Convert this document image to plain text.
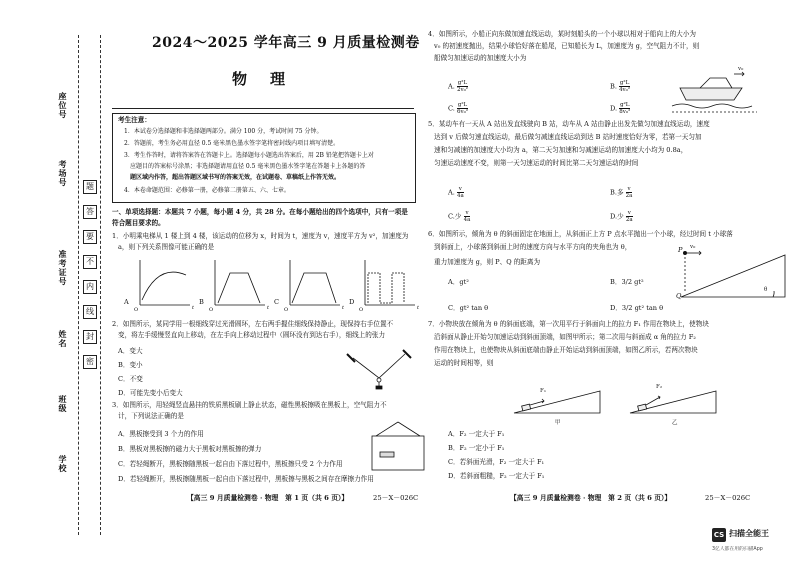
座位号
考场号
准考证号
姓名
班级
学校
题
答
要
不
内
线
封
密
2024～2025 学年高三 9 月质量检测卷
物　理
考生注意：
1．本试卷分选择题和非选择题两部分。满分 100 分，考试时间 75 分钟。
2．答题前，考生务必用直径 0.5 毫米黑色墨水签字笔将密封线内项目填写清楚。
3．考生作答时，请将答案答在答题卡上。选择题每小题选出答案后，用 2B 铅笔把答题卡上对
　应题目的答案标号涂黑；非选择题请用直径 0.5 毫米黑色墨水签字笔在答题卡上各题的答
　题区域内作答，超出答题区域书写的答案无效，在试题卷、草稿纸上作答无效。
4．本卷命题范围：必修第一册，必修第二册第五、六、七章。
一、单项选择题：本题共 7 小题，每小题 4 分，共 28 分。在每小题给出的四个选项中，只有一项是
符合题目要求的。
1．小明乘电梯从 1 楼上到 4 楼，该运动的位移为 x，时间为 t，速度为 v，速度平方为 v²，加速度为
a，则下列关系图像可能正确的是
O	t	O	t	O	t	O	t
A	B	C	D
2．如图所示，某同学用一根细线穿过光滑圆环，左右两手握住细线保持静止，现保持右手位置不
变，将左手缓慢竖直向上移动，在左手向上移动过程中（圆环没有到达右手），细线上的张力
A．变大
B．变小
C．不变
D．可能先变小后变大
3．如图所示，用轻绳竖直悬挂的铁质黑板刷上静止状态，磁性黑板擦吸在黑板上，空气阻力不
计，下列说法正确的是
A．黑板擦受到 3 个力的作用
B．黑板对黑板擦的磁力大于黑板对黑板擦的弹力
C．若轻绳断开，黑板擦随黑板一起自由下落过程中，黑板擦只受 2 个力作用
D．若轻绳断开，黑板擦随黑板一起自由下落过程中，黑板擦与黑板之间存在摩擦力作用
【高三 9 月质量检测卷 · 物理　第 1 页（共 6 页）】	25－X－026C
4．如图所示，小船正向东做加速直线运动，某时刻船头的一个小球以相对于船向上的大小为
v₀ 的初速度抛出，结果小球恰好落在船尾，已知船长为 L，加速度为 g，空气阻力不计，则
船做匀加速运动的加速度大小为
A. $\frac{\text{g²L}}{\text{2v₀²}}$	B. $\frac{\text{g²L}}{\text{4v₀²}}$
C. $\frac{\text{g²L}}{\text{6v₀²}}$	D. $\frac{\text{g²L}}{\text{8v₀²}}$
v₀
5．某动车有一天从 A 站出发直线驶向 B 站，动车从 A 站由静止出发先做匀加速直线运动，速度
达到 v 后做匀速直线运动，最后做匀减速直线运动到达 B 站时速度恰好为零，若第一天匀加
速和匀减速的加速度大小均为 a，第二天匀加速和匀减速运动的加速度大小均为 0.8a，
匀速运动速度不变，则第一天匀速运动的时间比第二天匀速运动的时间
A. $\frac{v}{4a}$	B.多 $\frac{v}{2a}$
C.少 $\frac{v}{4a}$	D.少 $\frac{v}{2a}$
6．如图所示，倾角为 θ 的斜面固定在地面上，从斜面正上方 P 点水平抛出一个小球，经过时间 t 小球落
到斜面上，小球落到斜面上时的速度方向与水平方向的夹角也为 θ，
重力加速度为 g，则 P、Q 的距离为
A．gt²	B．3/2 gt²
C．gt² tan θ	D．3/2 gt² tan θ
P v₀
Q
θ
7．小物块放在倾角为 θ 的斜面底端，第一次用平行于斜面向上的拉力 F₁ 作用在物块上，使物块
沿斜面从静止开始匀加速运动到斜面顶端，如图甲所示；第二次用与斜面成 α 角的拉力 F₂
作用在物块上，也使物块从斜面底端由静止开始运动到斜面顶端，如图乙所示，若两次物块
运动的时间相等，则
F₁
F₂
甲	乙
A．F₂ 一定大于 F₁
B．F₂ 一定小于 F₁
C．若斜面光滑，F₂ 一定大于 F₁
D．若斜面粗糙，F₂ 一定大于 F₁
【高三 9 月质量检测卷 · 物理　第 2 页（共 6 页）】	25－X－026C
CS 扫描全能王
3亿人都在用的扫描App
